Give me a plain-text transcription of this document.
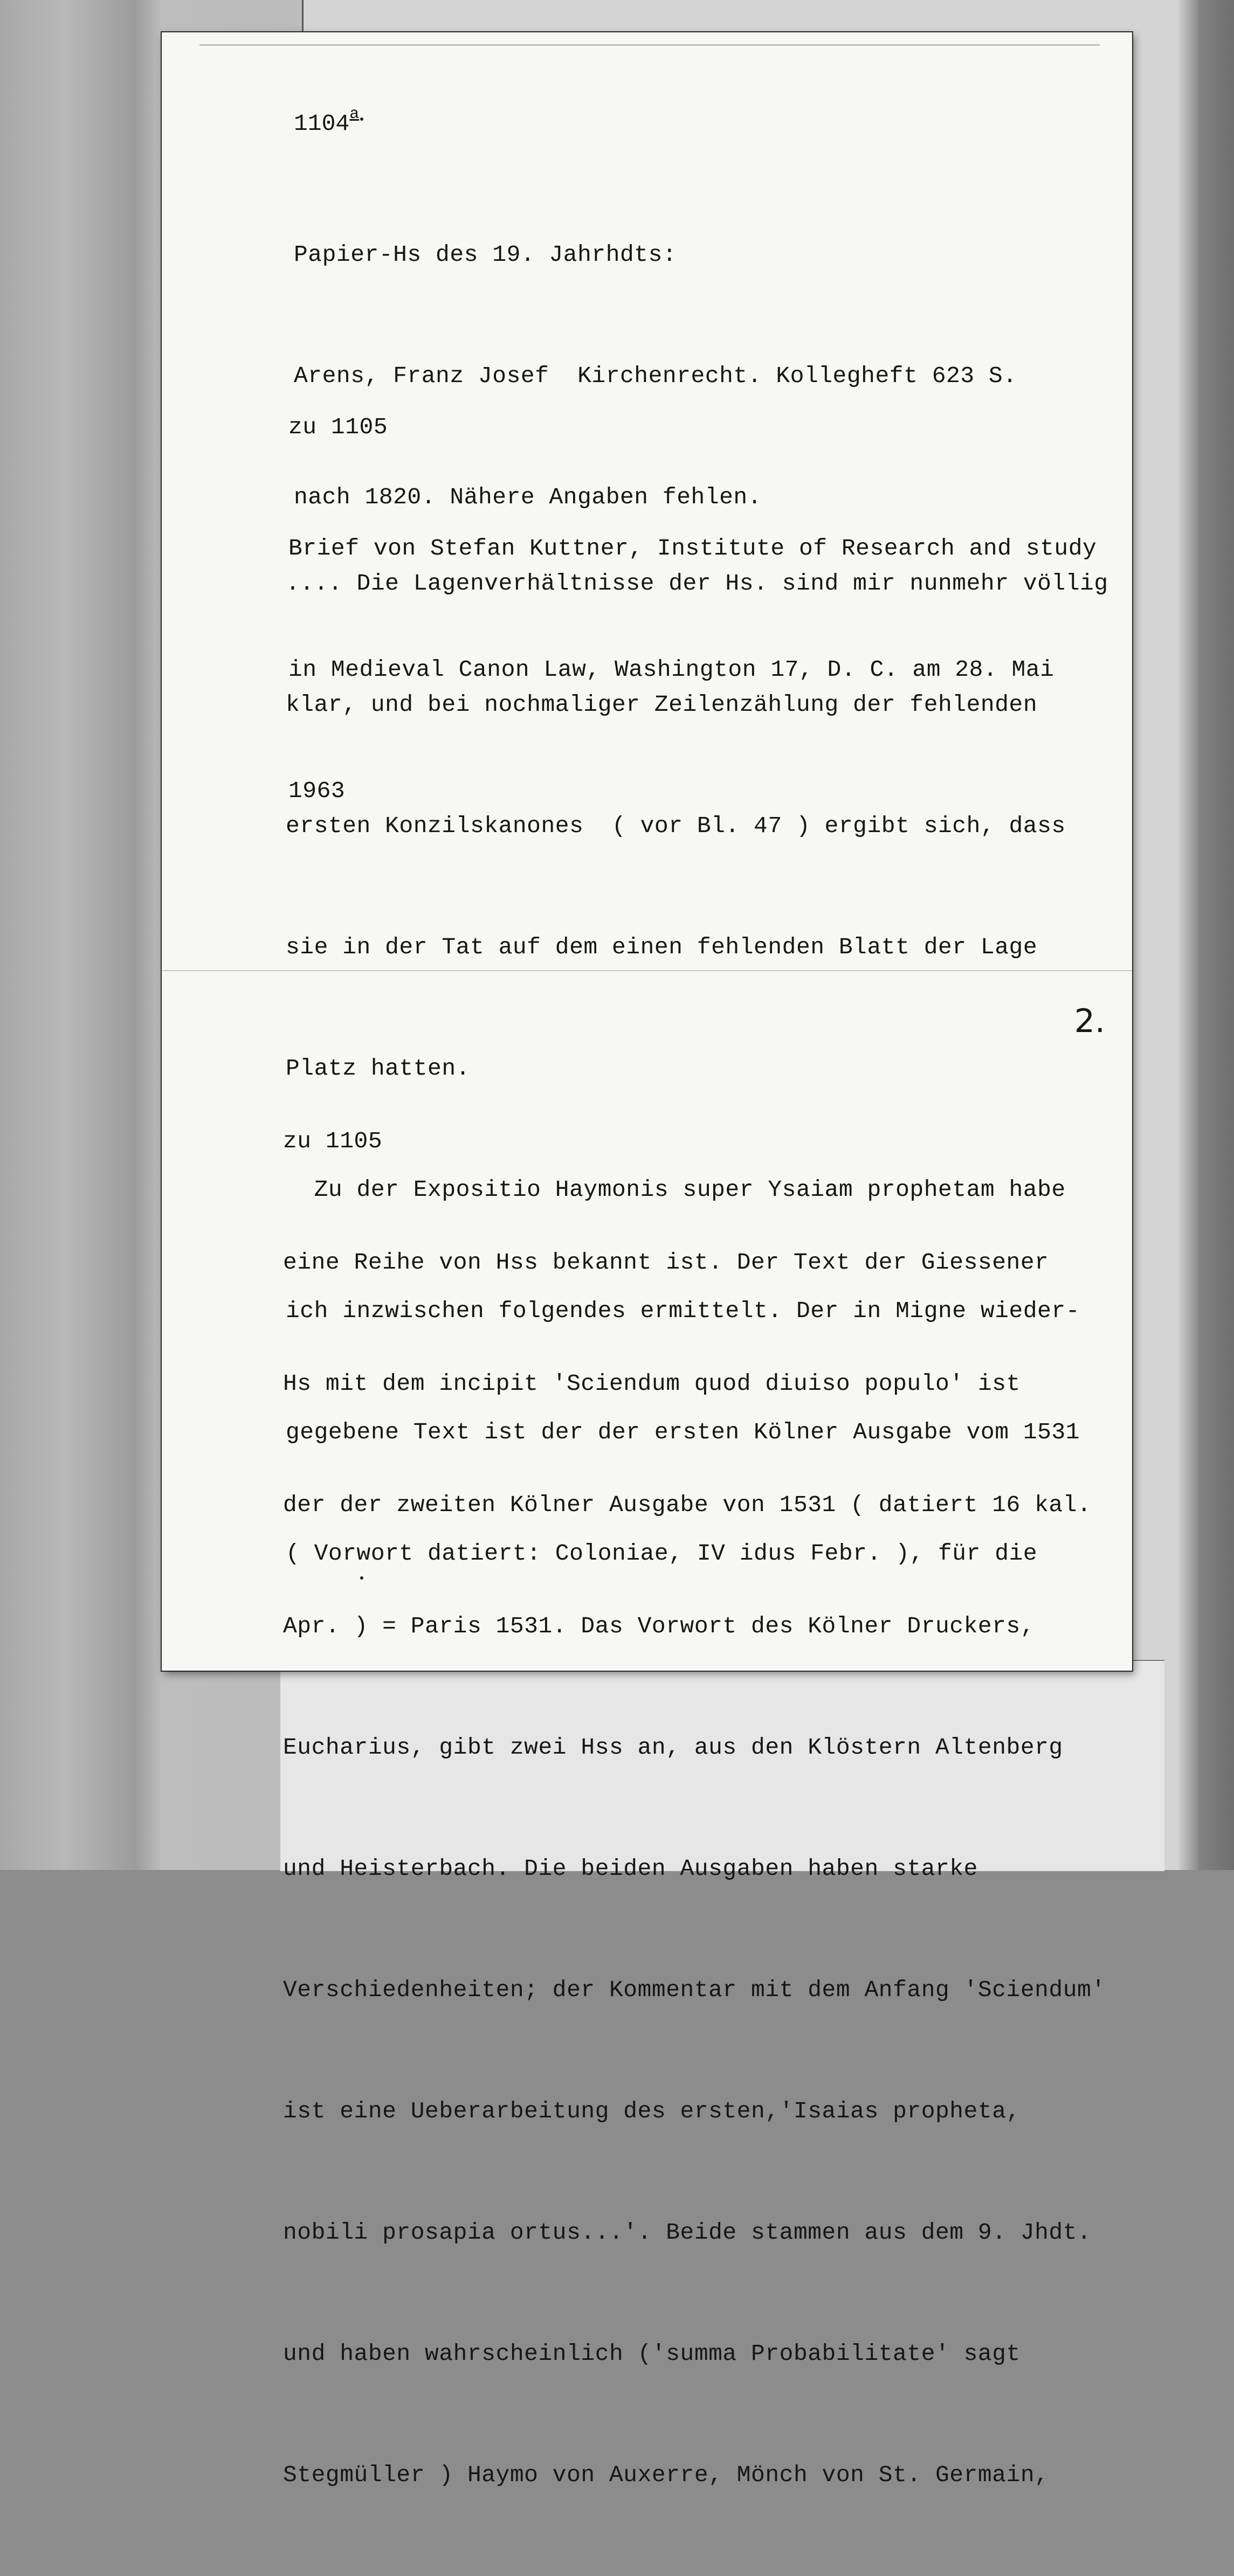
1104$^a$

Papier-Hs des 19. Jahrhdts:

Arens, Franz Josef  Kirchenrecht. Kollegheft 623 S.

nach 1820. Nähere Angaben fehlen.

zu 1105

Brief von Stefan Kuttner, Institute of Research and study

in Medieval Canon Law, Washington 17, D. C. am 28. Mai

1963

.... Die Lagenverhältnisse der Hs. sind mir nunmehr völlig

klar, und bei nochmaliger Zeilenzählung der fehlenden

ersten Konzilskanones  ( vor Bl. 47 ) ergibt sich, dass

sie in der Tat auf dem einen fehlenden Blatt der Lage

Platz hatten.

Zu der Expositio Haymonis super Ysaiam prophetam habe

ich inzwischen folgendes ermittelt. Der in Migne wieder-

gegebene Text ist der der ersten Kölner Ausgabe vom 1531

( Vorwort datiert: Coloniae, IV idus Febr. ), für die

2.

zu 1105

eine Reihe von Hss bekannt ist. Der Text der Giessener

Hs mit dem incipit 'Sciendum quod diuiso populo' ist

der der zweiten Kölner Ausgabe von 1531 ( datiert 16 kal.

Apr. ) = Paris 1531. Das Vorwort des Kölner Druckers,

Eucharius, gibt zwei Hss an, aus den Klöstern Altenberg

und Heisterbach. Die beiden Ausgaben haben starke

Verschiedenheiten; der Kommentar mit dem Anfang 'Sciendum'

ist eine Ueberarbeitung des ersten,'Isaias propheta,

nobili prosapia ortus...'. Beide stammen aus dem 9. Jhdt.

und haben wahrscheinlich ('summa Probabilitate' sagt

Stegmüller ) Haymo von Auxerre, Mönch von St. Germain,
